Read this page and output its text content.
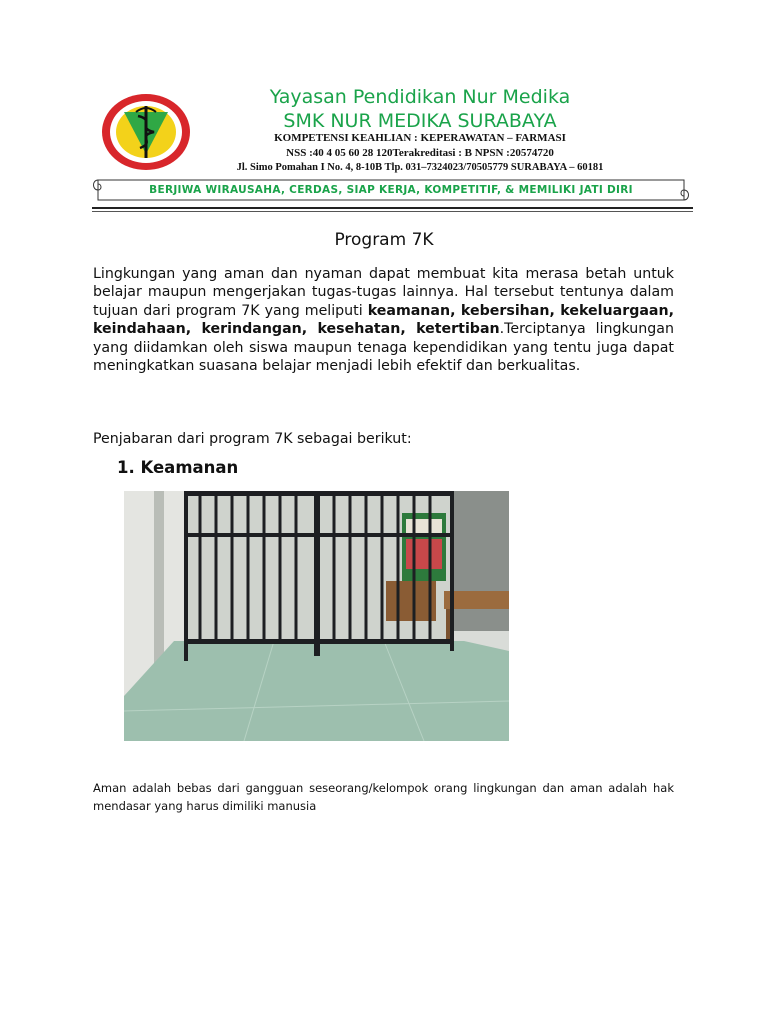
Yayasan Pendidikan Nur Medika
SMK NUR MEDIKA SURABAYA
KOMPETENSI KEAHLIAN : KEPERAWATAN – FARMASI
NSS :40 4 05 60 28 120Terakreditasi : B NPSN :20574720
Jl. Simo Pomahan I No. 4, 8-10B Tlp. 031–7324023/70505779 SURABAYA – 60181
BERJIWA WIRAUSAHA, CERDAS, SIAP KERJA, KOMPETITIF, & MEMILIKI JATI DIRI
Program 7K
Lingkungan yang aman dan nyaman dapat membuat kita merasa betah untuk belajar maupun mengerjakan tugas-tugas lainnya. Hal tersebut tentunya dalam tujuan dari program 7K yang meliputi keamanan, kebersihan, kekeluargaan, keindahaan, kerindangan, kesehatan, ketertiban.Terciptanya lingkungan yang diidamkan oleh siswa maupun tenaga kependidikan yang tentu juga dapat meningkatkan suasana belajar menjadi lebih efektif dan berkualitas.
Penjabaran dari program 7K sebagai berikut:
1. Keamanan
Aman adalah bebas dari gangguan seseorang/kelompok orang lingkungan dan aman adalah hak mendasar yang harus dimiliki manusia
